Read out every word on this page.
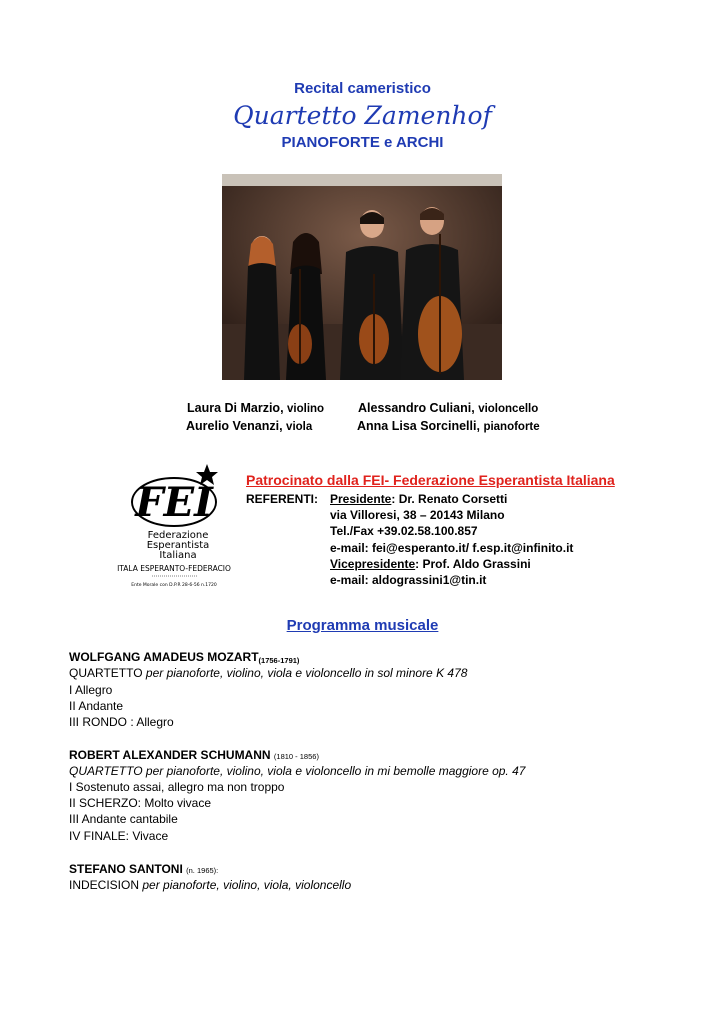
Recital cameristico
Quartetto Zamenhof
PIANOFORTE e ARCHI
Laura Di Marzio, violino	Alessandro Culiani, violoncello
Aurelio Venanzi, viola	Anna Lisa Sorcinelli, pianoforte
FEI
Federazione
Esperantista
Italiana
ITALA ESPERANTO-FEDERACIO
Ente Morale con D.P.R 28-6-56 n.1720
Patrocinato dalla FEI- Federazione Esperantista Italiana
REFERENTI: Presidente: Dr. Renato Corsetti
via Villoresi, 38 – 20143 Milano
Tel./Fax +39.02.58.100.857
e-mail: fei@esperanto.it/ f.esp.it@infinito.it
Vicepresidente: Prof. Aldo Grassini
e-mail: aldograssini1@tin.it
Programma musicale
WOLFGANG AMADEUS MOZART(1756-1791)
QUARTETTO per pianoforte, violino, viola e violoncello in sol minore K 478
I Allegro
II Andante
III RONDO : Allegro
ROBERT ALEXANDER SCHUMANN (1810 - 1856)
QUARTETTO per pianoforte, violino, viola e violoncello in mi bemolle maggiore op. 47
I Sostenuto assai, allegro ma non troppo
II SCHERZO: Molto vivace
III Andante cantabile
IV FINALE: Vivace
STEFANO SANTONI (n. 1965):
INDECISION per pianoforte, violino, viola, violoncello
